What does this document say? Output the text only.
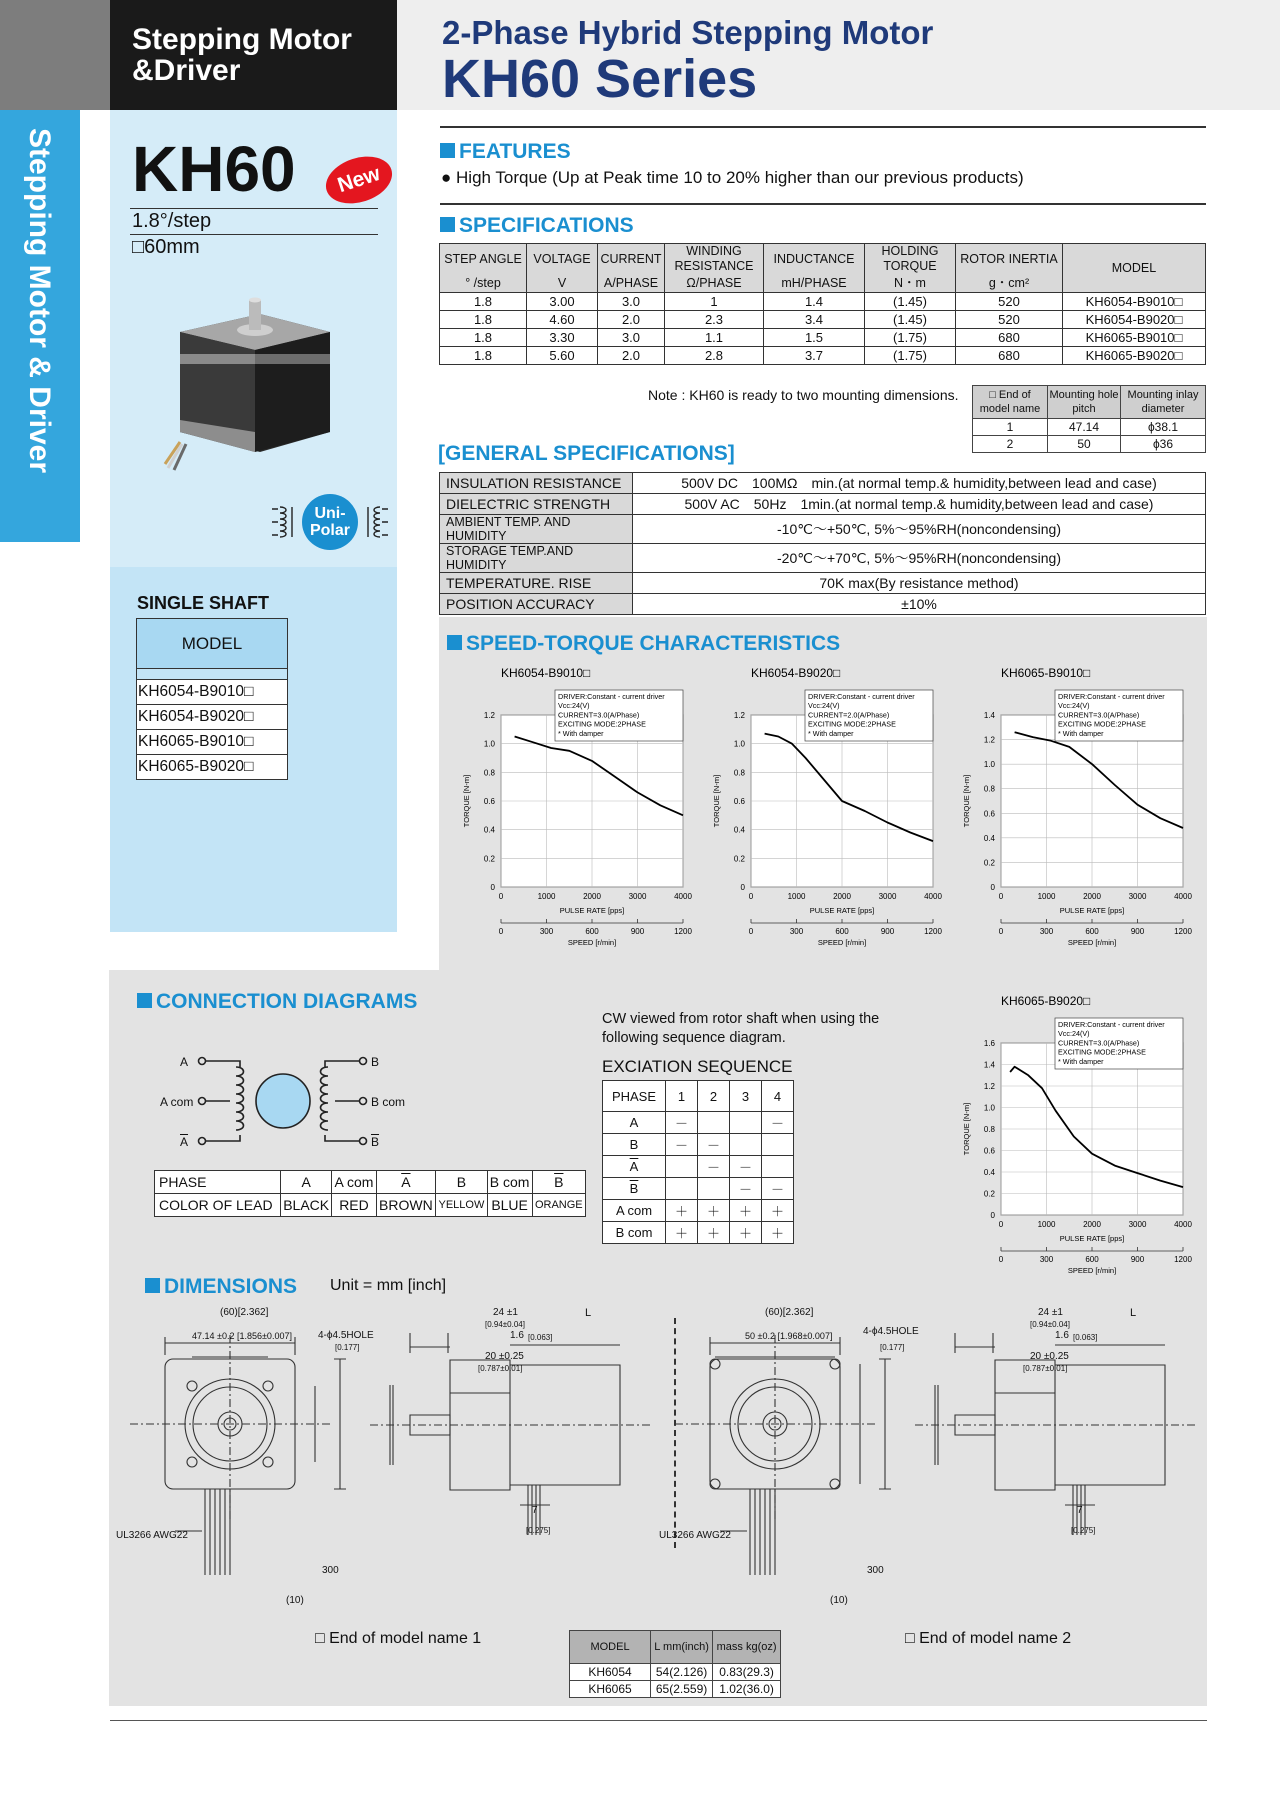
Stepping Motor
&Driver
2-Phase Hybrid Stepping Motor
KH60 Series
Stepping Motor & Driver KH60 New
1.8°/step
□60mm
Uni-
Polar
SINGLE SHAFT
MODEL

KH6054-B9010□
KH6054-B9020□
KH6065-B9010□
KH6065-B9020□
FEATURES
● High Torque (Up at Peak time 10 to 20% higher than our previous products)
SPECIFICATIONS
STEP ANGLE	VOLTAGE	CURRENT	WINDING RESISTANCE	INDUCTANCE	HOLDING TORQUE	ROTOR INERTIA	MODEL
° /step	V	A/PHASE	Ω/PHASE	mH/PHASE	N・m	g・cm²	
1.8	3.00	3.0	1	1.4	(1.45)	520	KH6054-B9010□
1.8	4.60	2.0	2.3	3.4	(1.45)	520	KH6054-B9020□
1.8	3.30	3.0	1.1	1.5	(1.75)	680	KH6065-B9010□
1.8	5.60	2.0	2.8	3.7	(1.75)	680	KH6065-B9020□
Note : KH60 is ready to two mounting dimensions.	□ End of model name	Mounting hole pitch	Mounting inlay diameter
1	47.14	ϕ38.1
2	50	ϕ36
[GENERAL SPECIFICATIONS]
INSULATION RESISTANCE	500V DC　100MΩ　min.(at normal temp.& humidity,between lead and case)
DIELECTRIC STRENGTH	500V AC　50Hz　1min.(at normal temp.& humidity,between lead and case)
AMBIENT TEMP. AND HUMIDITY	-10℃～+50℃, 5%～95%RH(noncondensing)
STORAGE TEMP.AND HUMIDITY	-20℃～+70℃, 5%～95%RH(noncondensing)
TEMPERATURE. RISE	70K max(By resistance method)
POSITION ACCURACY	±10%
SPEED-TORQUE CHARACTERISTICS
KH6054-B9010□
0
0.2
0.4
0.6
0.8
1.0
1.2
0	1000	2000	3000	4000
PULSE RATE [pps]
TORQUE [N-m]
0	300	600	900	1200
SPEED [r/min]
DRIVER:Constant - current driver
Vcc:24(V)
CURRENT=3.0(A/Phase)
EXCITING MODE:2PHASE
* With damper
KH6054-B9020□
0
0.2
0.4
0.6
0.8
1.0
1.2
0	1000	2000	3000	4000
PULSE RATE [pps]
TORQUE [N-m]
0	300	600	900	1200
SPEED [r/min]
DRIVER:Constant - current driver
Vcc:24(V)
CURRENT=2.0(A/Phase)
EXCITING MODE:2PHASE
* With damper
KH6065-B9010□
0
0.2
0.4
0.6
0.8
1.0
1.2
1.4
0	1000	2000	3000	4000
PULSE RATE [pps]
TORQUE [N-m]
0	300	600	900	1200
SPEED [r/min]
DRIVER:Constant - current driver
Vcc:24(V)
CURRENT=3.0(A/Phase)
EXCITING MODE:2PHASE
* With damper
KH6065-B9020□
0
0.2
0.4
0.6
0.8
1.0
1.2
1.4
1.6
0	1000	2000	3000	4000
PULSE RATE [pps]
TORQUE [N-m]
0	300	600	900	1200
SPEED [r/min]
DRIVER:Constant - current driver
Vcc:24(V)
CURRENT=3.0(A/Phase)
EXCITING MODE:2PHASE
* With damper
CONNECTION DIAGRAMS
A
A com
$\overline{A}$
B
B com
$\overline{B}$
PHASE	A	A com	$\overline{A}$	B	B com	$\overline{B}$
COLOR OF LEAD	BLACK	RED	BROWN	YELLOW	BLUE	ORANGE
CW viewed from rotor shaft when using the
following sequence diagram.
EXCIATION SEQUENCE
PHASE	1	2	3	4
A	－			－
B	－	－		
$\overline{A}$		－	－	
$\overline{B}$			－	－
A com	＋	＋	＋	＋
B com	＋	＋	＋	＋
DIMENSIONS Unit = mm [inch]
(60)[2.362]
47.14 ±0.2 [1.856±0.007]	4-ϕ4.5HOLE
[0.177]
24 ±1
[0.94±0.04]
1.6 [0.063]
20 ±0.25
[0.787±0.01]
L
7
[0.275]
300
(10)
UL3266 AWG22
(60)[2.362]
50 ±0.2 [1.968±0.007]	4-ϕ4.5HOLE
[0.177]
24 ±1
[0.94±0.04]
1.6 [0.063]
20 ±0.25
[0.787±0.01]
L
7
[0.275]
300
(10)
UL3266 AWG22
□ End of model name 1	□ End of model name 2
MODEL	L mm(inch)	mass kg(oz)
KH6054	54(2.126)	0.83(29.3)
KH6065	65(2.559)	1.02(36.0)
